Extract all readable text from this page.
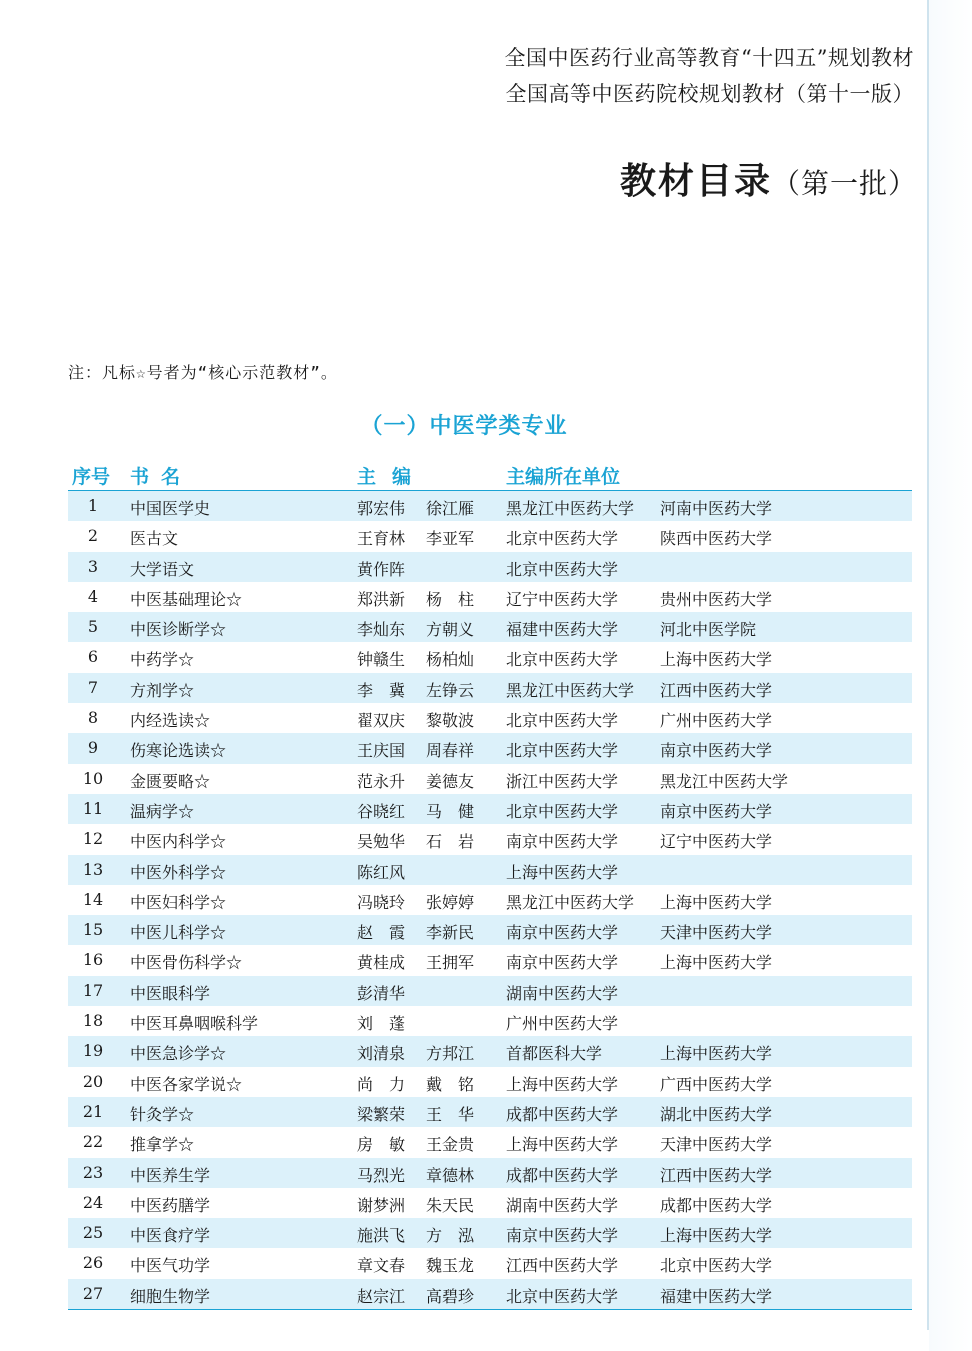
全国中医药行业高等教育“十四五”规划教材
全国高等中医药院校规划教材（第十一版）
教材目录（第一批）
注：凡标☆号者为“核心示范教材”。
（一）中医学类专业
序号 书名	主编	主编所在单位
1	中国医学史	郭宏伟 徐江雁 黑龙江中医药大学 河南中医药大学
2	医古文	王育林 李亚军 北京中医药大学	陕西中医药大学
3	大学语文	黄作阵	北京中医药大学
4	中医基础理论☆	郑洪新 杨　柱 辽宁中医药大学	贵州中医药大学
5	中医诊断学☆	李灿东 方朝义 福建中医药大学	河北中医学院
6	中药学☆	钟赣生 杨柏灿 北京中医药大学	上海中医药大学
7	方剂学☆	李　冀 左铮云 黑龙江中医药大学 江西中医药大学
8	内经选读☆	翟双庆 黎敬波 北京中医药大学	广州中医药大学
9	伤寒论选读☆	王庆国 周春祥 北京中医药大学	南京中医药大学
10	金匮要略☆	范永升 姜德友 浙江中医药大学	黑龙江中医药大学
11	温病学☆	谷晓红 马　健 北京中医药大学	南京中医药大学
12	中医内科学☆	吴勉华 石　岩 南京中医药大学	辽宁中医药大学
13	中医外科学☆	陈红风	上海中医药大学
14	中医妇科学☆	冯晓玲 张婷婷 黑龙江中医药大学 上海中医药大学
15	中医儿科学☆	赵　霞 李新民 南京中医药大学	天津中医药大学
16	中医骨伤科学☆	黄桂成 王拥军 南京中医药大学	上海中医药大学
17	中医眼科学	彭清华	湖南中医药大学
18	中医耳鼻咽喉科学	刘　蓬	广州中医药大学
19	中医急诊学☆	刘清泉 方邦江 首都医科大学	上海中医药大学
20	中医各家学说☆	尚　力 戴　铭 上海中医药大学	广西中医药大学
21	针灸学☆	梁繁荣 王　华 成都中医药大学	湖北中医药大学
22	推拿学☆	房　敏 王金贵 上海中医药大学	天津中医药大学
23	中医养生学	马烈光 章德林 成都中医药大学	江西中医药大学
24	中医药膳学	谢梦洲 朱天民 湖南中医药大学	成都中医药大学
25	中医食疗学	施洪飞 方　泓 南京中医药大学	上海中医药大学
26	中医气功学	章文春 魏玉龙 江西中医药大学	北京中医药大学
27	细胞生物学	赵宗江 高碧珍 北京中医药大学	福建中医药大学
